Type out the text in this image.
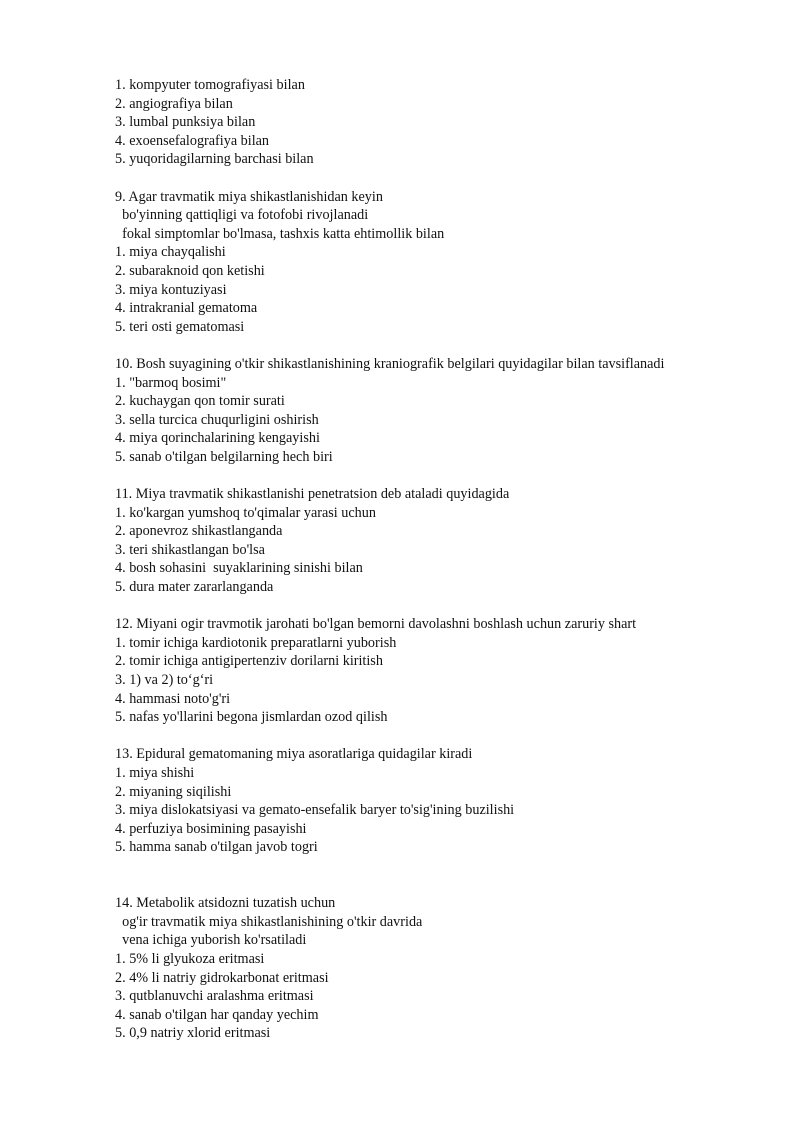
1. kompyuter tomografiyasi bilan
2. angiografiya bilan
3. lumbal punksiya bilan
4. exoensefalografiya bilan
5. yuqoridagilarning barchasi bilan
9. Agar travmatik miya shikastlanishidan keyin
bo'yinning qattiqligi va fotofobi rivojlanadi
fokal simptomlar bo'lmasa, tashxis katta ehtimollik bilan
1. miya chayqalishi
2. subaraknoid qon ketishi
3. miya kontuziyasi
4. intrakranial gematoma
5. teri osti gematomasi
10. Bosh suyagining o'tkir shikastlanishining kraniografik belgilari quyidagilar bilan tavsiflanadi
1. "barmoq bosimi"
2. kuchaygan qon tomir surati
3. sella turcica chuqurligini oshirish
4. miya qorinchalarining kengayishi
5. sanab o'tilgan belgilarning hech biri
11. Miya travmatik shikastlanishi penetratsion deb ataladi quyidagida
1. ko'kargan yumshoq to'qimalar yarasi uchun
2. aponevroz shikastlanganda
3. teri shikastlangan bo'lsa
4. bosh sohasini  suyaklarining sinishi bilan
5. dura mater zararlanganda
12. Miyani ogir travmotik jarohati bo'lgan bemorni davolashni boshlash uchun zaruriy shart
1. tomir ichiga kardiotonik preparatlarni yuborish
2. tomir ichiga antigipertenziv dorilarni kiritish
3. 1) va 2) to‘g‘ri
4. hammasi noto'g'ri
5. nafas yo'llarini begona jismlardan ozod qilish
13. Epidural gematomaning miya asoratlariga quidagilar kiradi
1. miya shishi
2. miyaning siqilishi
3. miya dislokatsiyasi va gemato-ensefalik baryer to'sig'ining buzilishi
4. perfuziya bosimining pasayishi
5. hamma sanab o'tilgan javob togri
14. Metabolik atsidozni tuzatish uchun
og'ir travmatik miya shikastlanishining o'tkir davrida
vena ichiga yuborish ko'rsatiladi
1. 5% li glyukoza eritmasi
2. 4% li natriy gidrokarbonat eritmasi
3. qutblanuvchi aralashma eritmasi
4. sanab o'tilgan har qanday yechim
5. 0,9 natriy xlorid eritmasi
